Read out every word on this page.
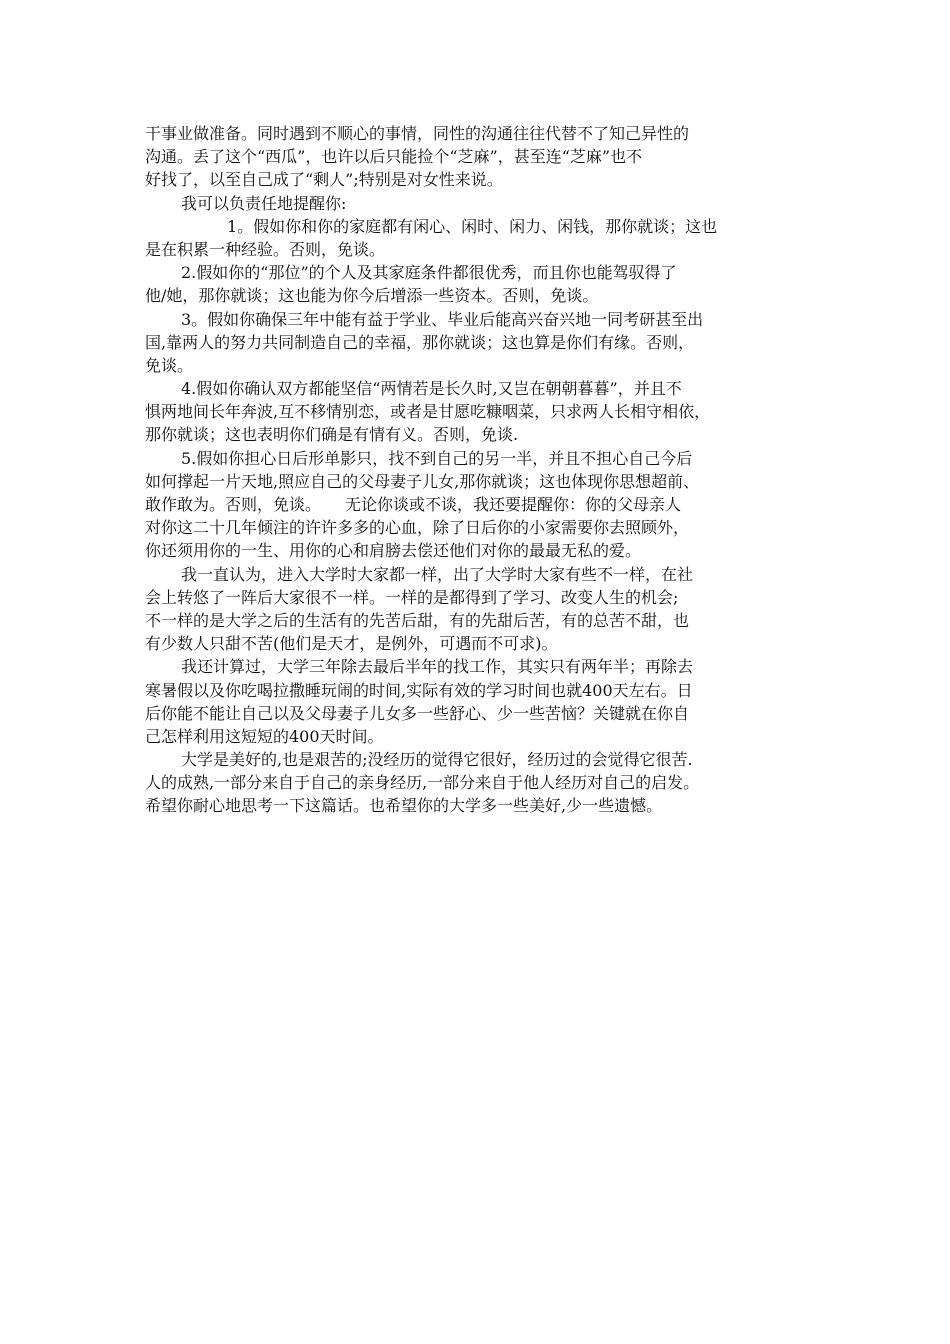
干事业做准备。同时遇到不顺心的事情，同性的沟通往往代替不了知己异性的
沟通。丢了这个“西瓜”，也许以后只能捡个“芝麻”，甚至连“芝麻”也不
好找了，以至自己成了“剩人”;特别是对女性来说。
我可以负责任地提醒你:
1。假如你和你的家庭都有闲心、闲时、闲力、闲钱，那你就谈；这也
是在积累一种经验。否则，免谈。
2.假如你的“那位”的个人及其家庭条件都很优秀，而且你也能驾驭得了
他/她，那你就谈；这也能为你今后增添一些资本。否则，免谈。
3。假如你确保三年中能有益于学业、毕业后能高兴奋兴地一同考研甚至出
国,靠两人的努力共同制造自己的幸福，那你就谈；这也算是你们有缘。否则，
免谈。
4.假如你确认双方都能坚信“两情若是长久时,又岂在朝朝暮暮”，并且不
惧两地间长年奔波,互不移情别恋，或者是甘愿吃糠咽菜，只求两人长相守相依，
那你就谈；这也表明你们确是有情有义。否则，免谈.
5.假如你担心日后形单影只，找不到自己的另一半，并且不担心自己今后
如何撑起一片天地,照应自己的父母妻子儿女,那你就谈；这也体现你思想超前、
敢作敢为。否则，免谈。　　无论你谈或不谈，我还要提醒你：你的父母亲人
对你这二十几年倾注的许许多多的心血，除了日后你的小家需要你去照顾外，
你还须用你的一生、用你的心和肩膀去偿还他们对你的最最无私的爱。
我一直认为，进入大学时大家都一样，出了大学时大家有些不一样，在社
会上转悠了一阵后大家很不一样。一样的是都得到了学习、改变人生的机会;
不一样的是大学之后的生活有的先苦后甜，有的先甜后苦，有的总苦不甜，也
有少数人只甜不苦(他们是天才，是例外，可遇而不可求)。
我还计算过，大学三年除去最后半年的找工作，其实只有两年半；再除去
寒暑假以及你吃喝拉撒睡玩闹的时间,实际有效的学习时间也就400天左右。日
后你能不能让自己以及父母妻子儿女多一些舒心、少一些苦恼？关键就在你自
己怎样利用这短短的400天时间。
大学是美好的,也是艰苦的;没经历的觉得它很好，经历过的会觉得它很苦.
人的成熟,一部分来自于自己的亲身经历,一部分来自于他人经历对自己的启发。
希望你耐心地思考一下这篇话。也希望你的大学多一些美好,少一些遗憾。
